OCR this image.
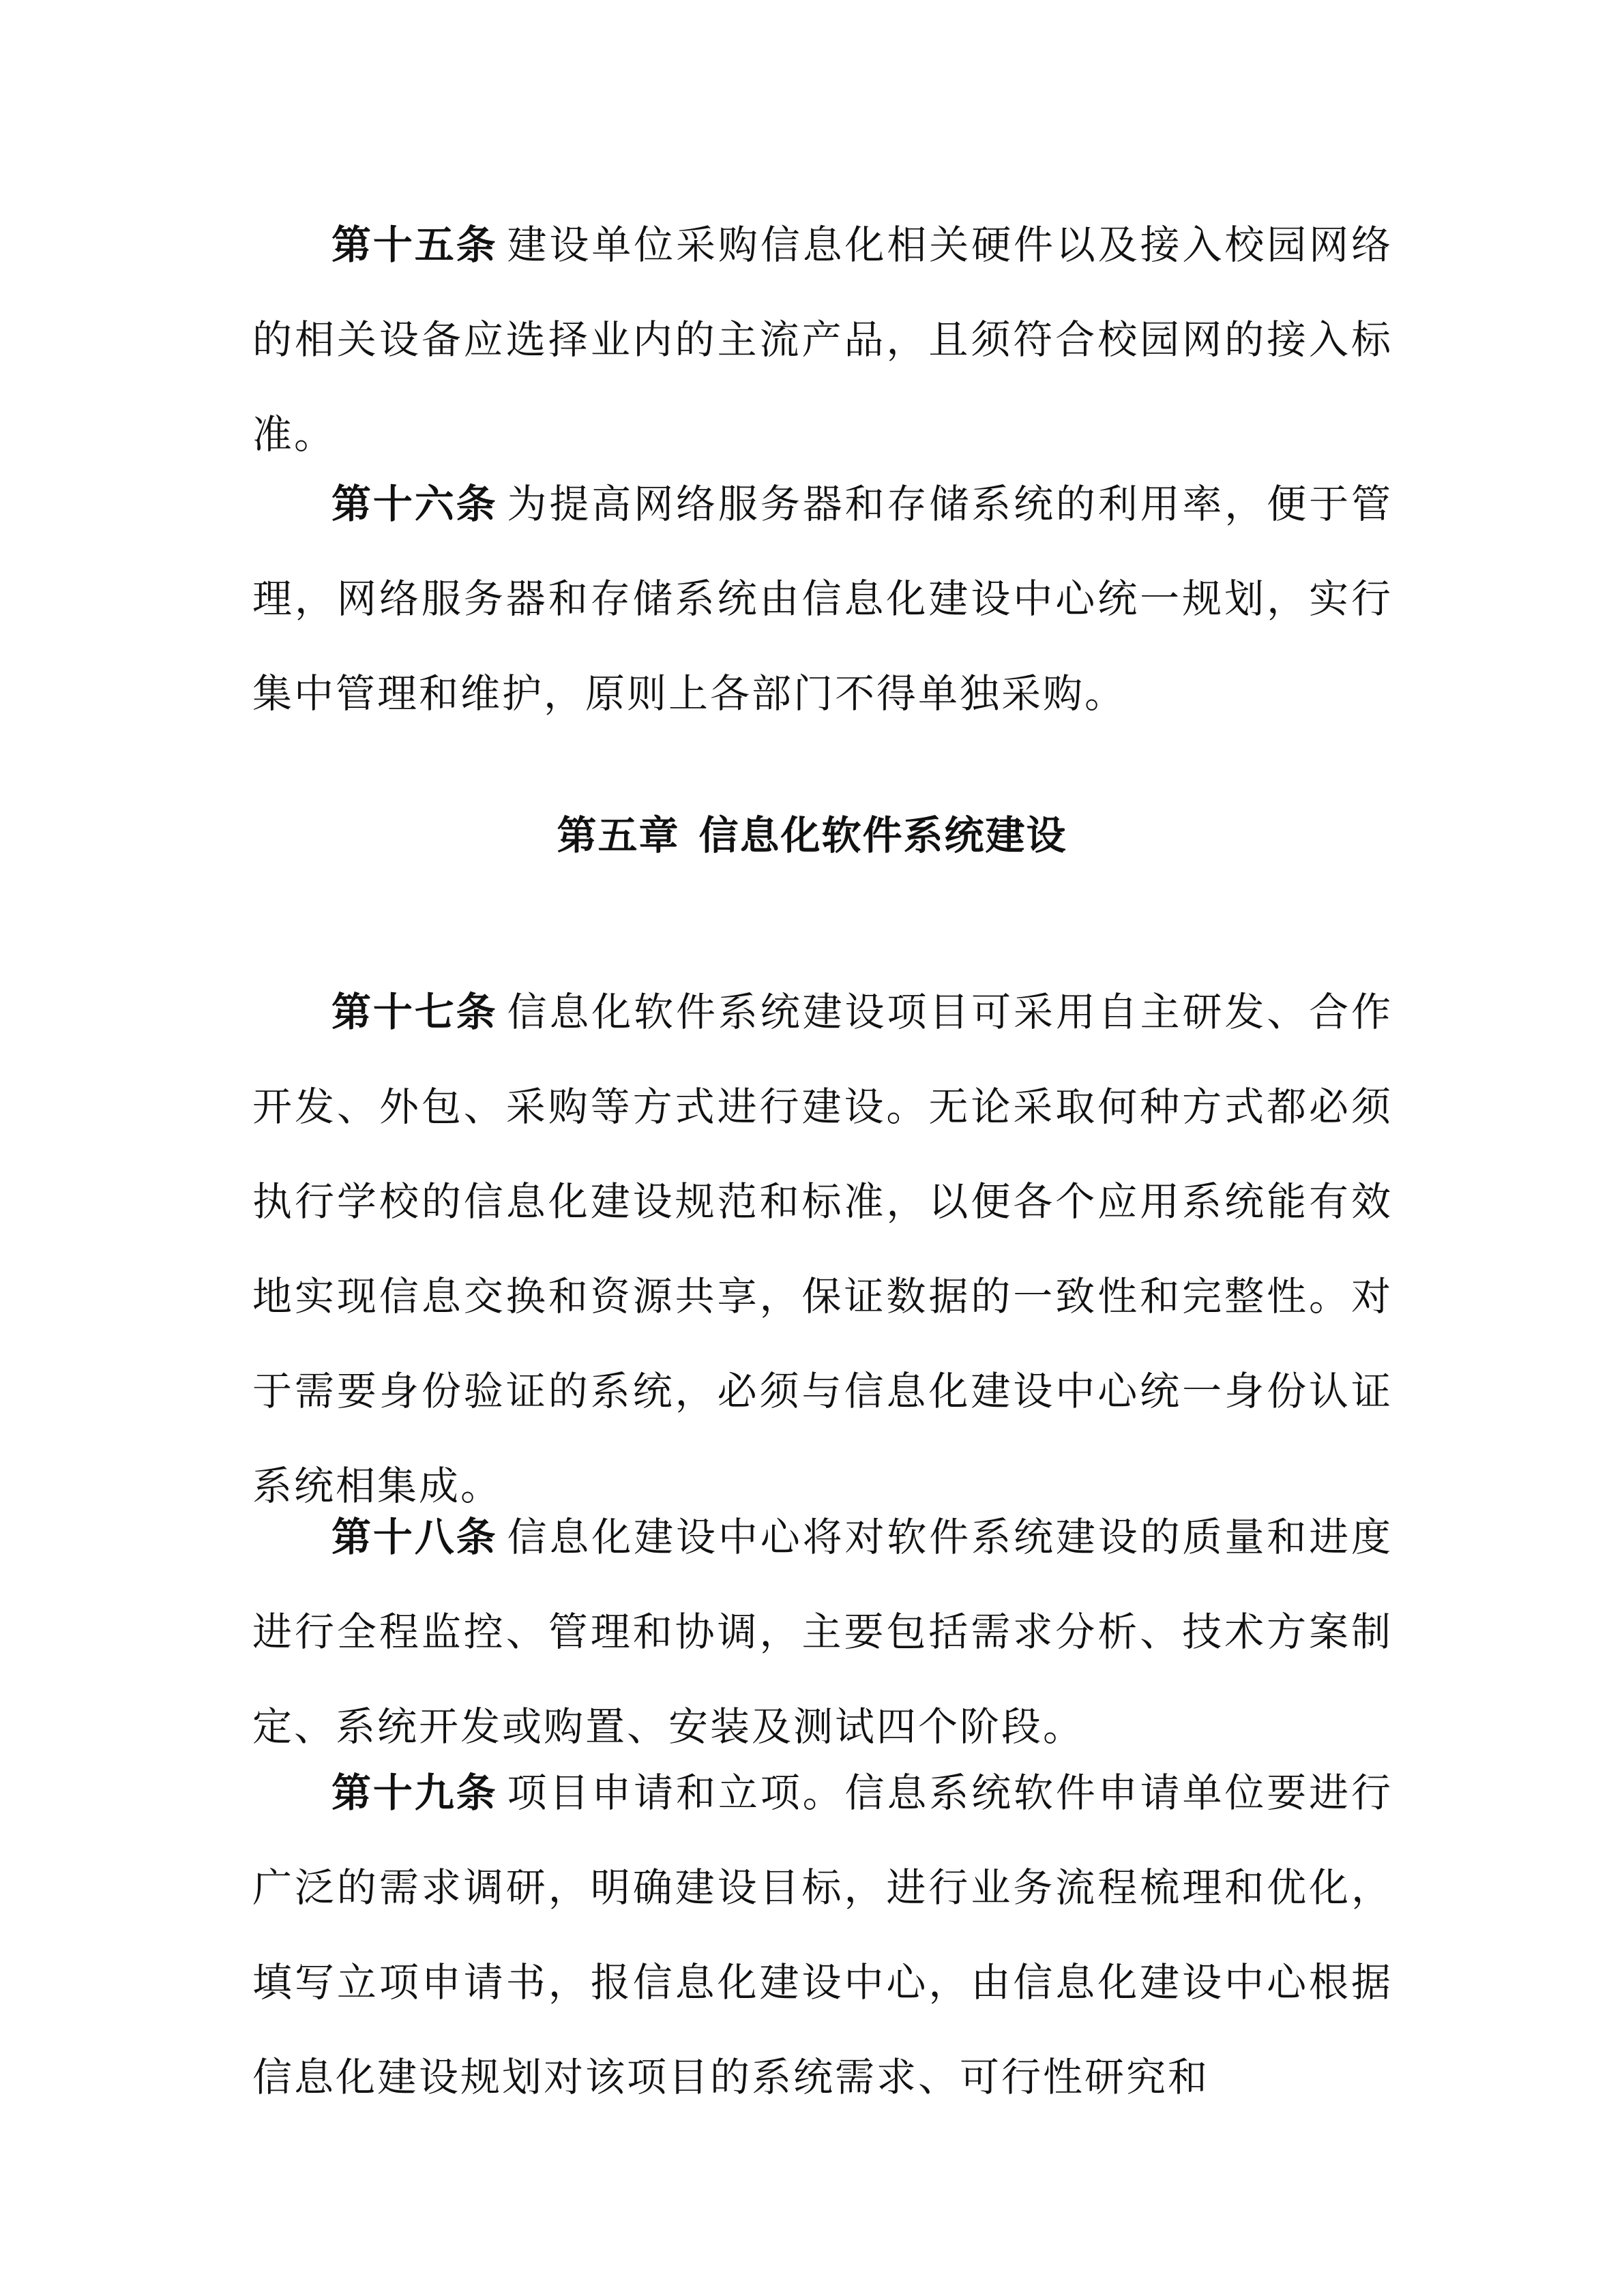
第十五条 建设单位采购信息化相关硬件以及接入校园网络的相关设备应选择业内的主流产品，且须符合校园网的接入标准。

第十六条 为提高网络服务器和存储系统的利用率，便于管理，网络服务器和存储系统由信息化建设中心统一规划，实行集中管理和维护，原则上各部门不得单独采购。

第五章 信息化软件系统建设

第十七条 信息化软件系统建设项目可采用自主研发、合作开发、外包、采购等方式进行建设。无论采取何种方式都必须执行学校的信息化建设规范和标准，以便各个应用系统能有效地实现信息交换和资源共享，保证数据的一致性和完整性。对于需要身份验证的系统，必须与信息化建设中心统一身份认证系统相集成。

第十八条 信息化建设中心将对软件系统建设的质量和进度进行全程监控、管理和协调，主要包括需求分析、技术方案制定、系统开发或购置、安装及测试四个阶段。

第十九条 项目申请和立项。信息系统软件申请单位要进行广泛的需求调研，明确建设目标，进行业务流程梳理和优化，填写立项申请书，报信息化建设中心，由信息化建设中心根据信息化建设规划对该项目的系统需求、可行性研究和
